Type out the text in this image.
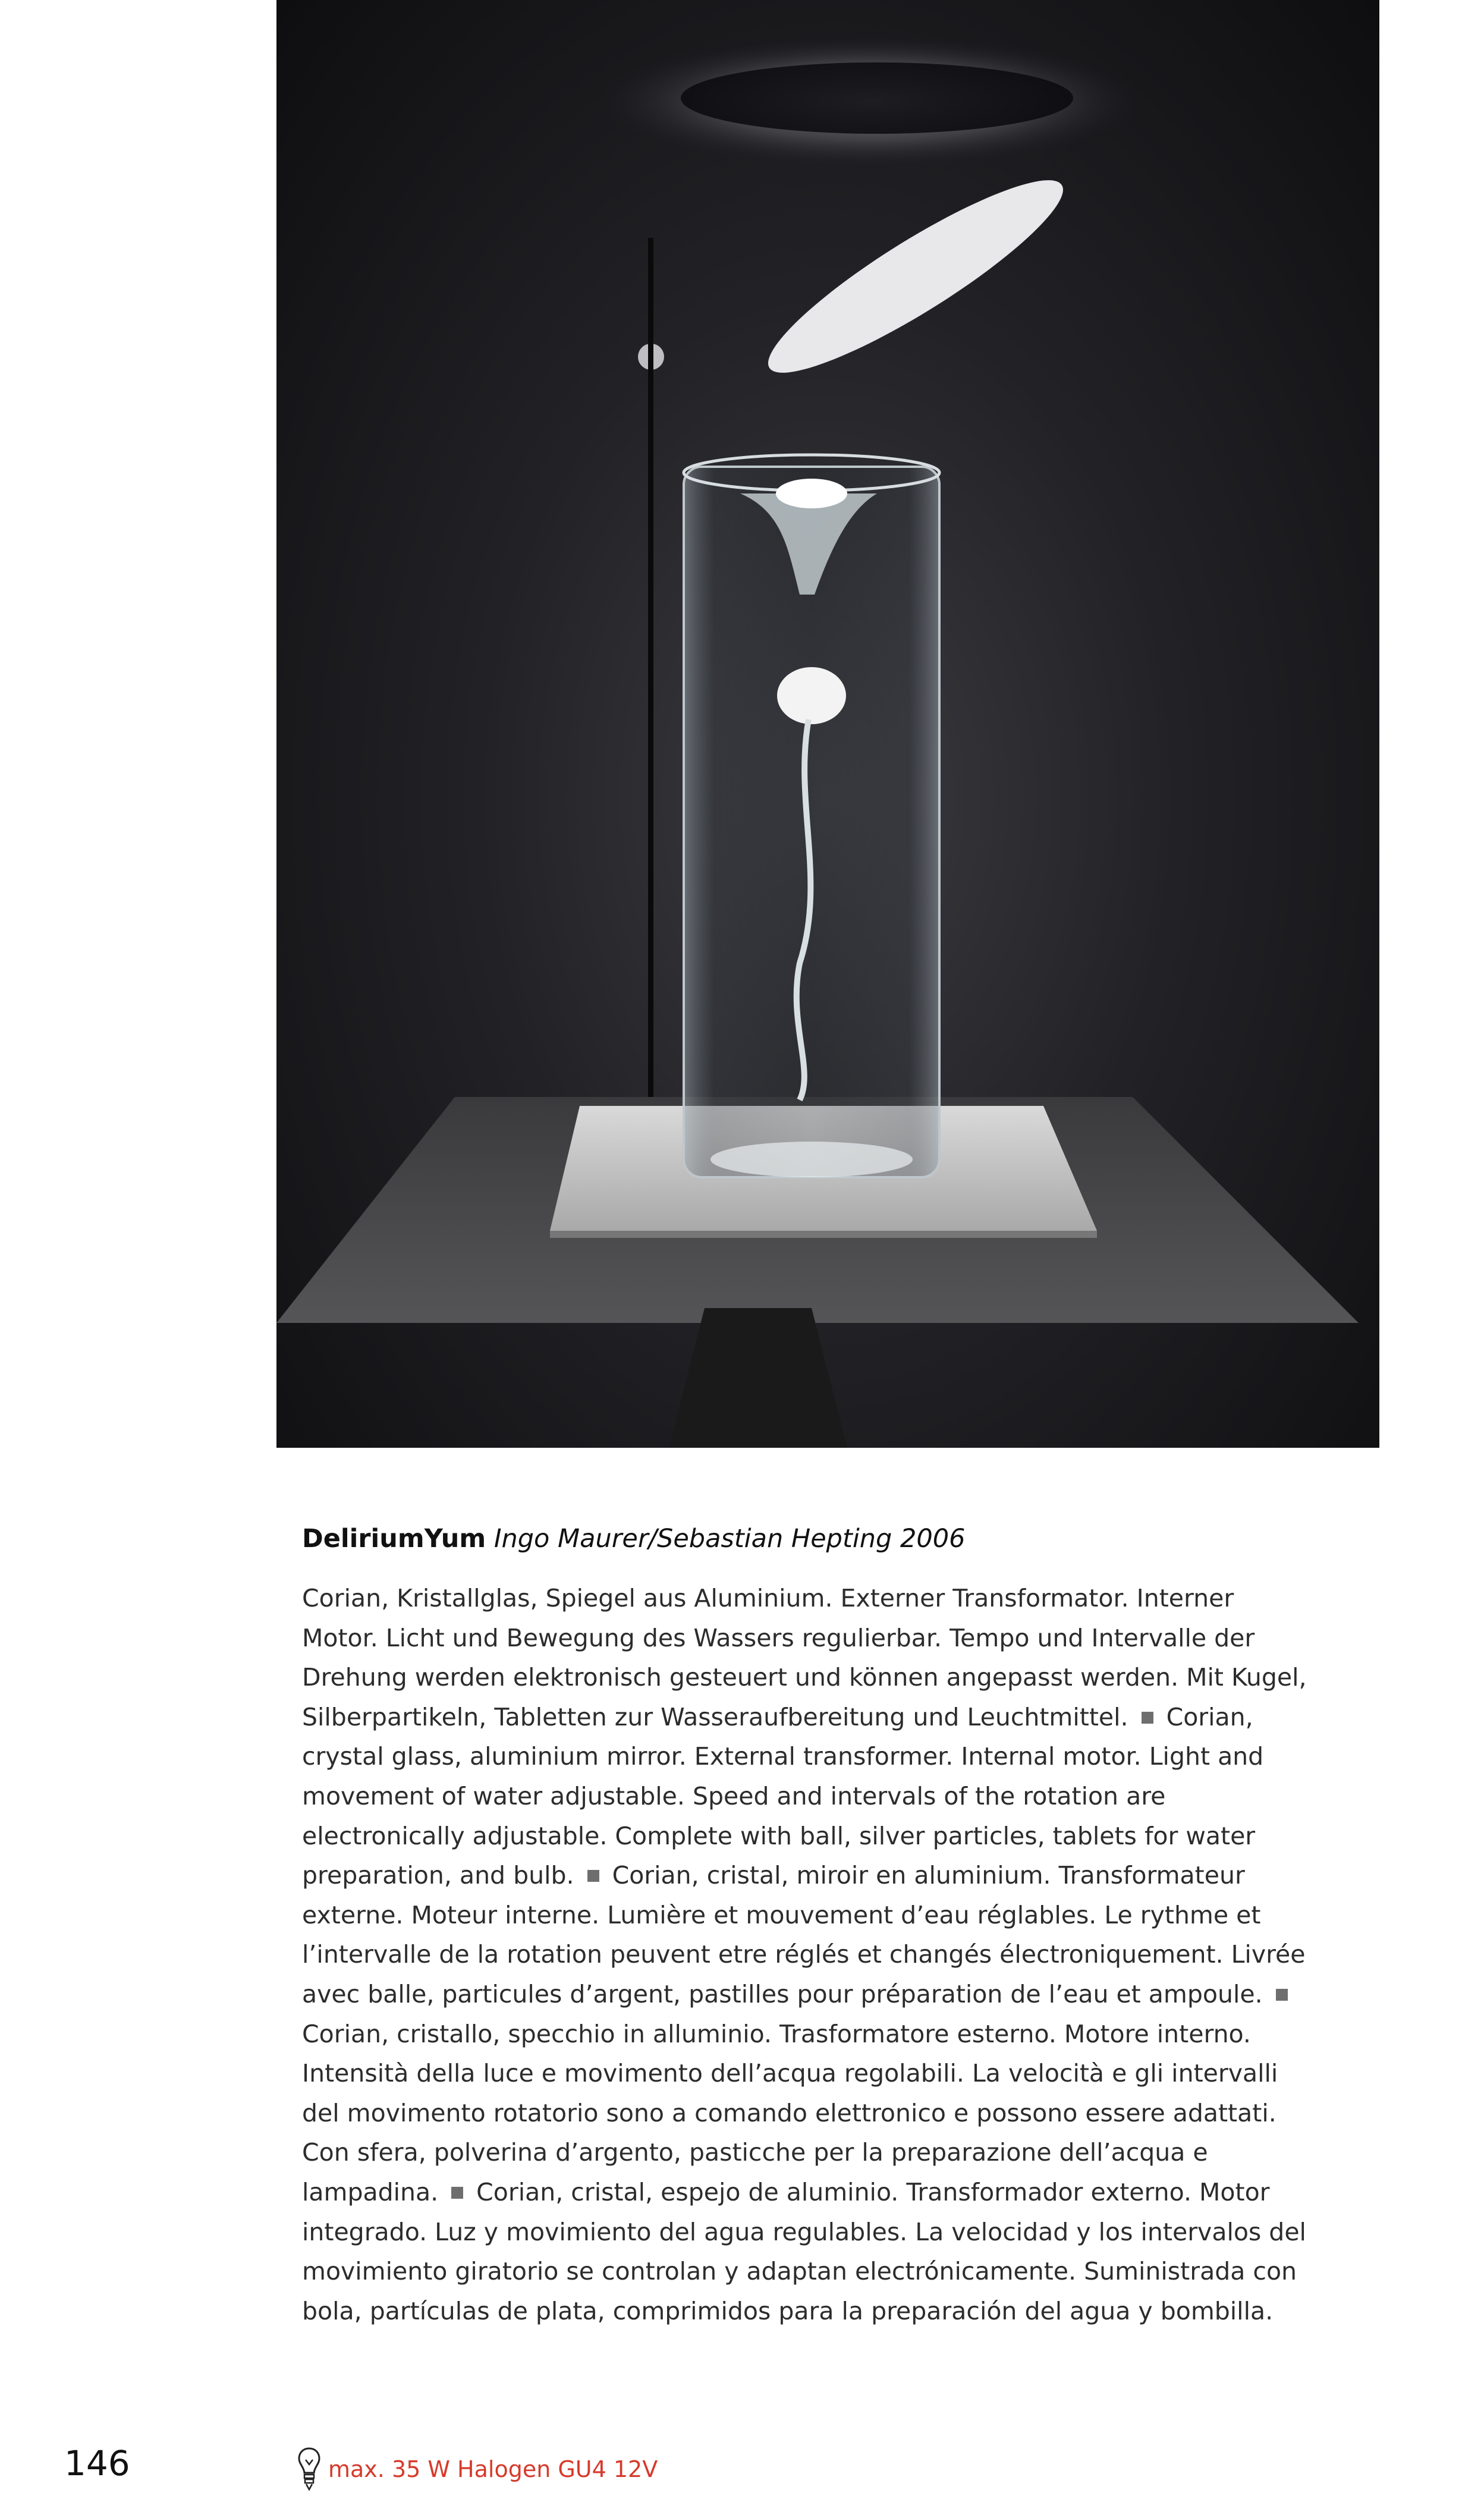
DeliriumYum Ingo Maurer/Sebastian Hepting 2006
Corian, Kristallglas, Spiegel aus Aluminium. Externer Transformator. Interner Motor. Licht und Bewegung des Wassers regulierbar. Tempo und Intervalle der Drehung werden elektronisch gesteuert und können angepasst werden. Mit Kugel, Silberpartikeln, Tabletten zur Wasseraufbereitung und Leuchtmittel. Corian, crystal glass, aluminium mirror. External transformer. Internal motor. Light and movement of water adjustable. Speed and intervals of the rotation are electronically adjustable. Complete with ball, silver particles, tablets for water preparation, and bulb. Corian, cristal, miroir en aluminium. Transformateur externe. Moteur interne. Lumière et mouvement d’eau réglables. Le rythme et l’intervalle de la rotation peuvent etre réglés et changés électroniquement. Livrée avec balle, particules d’argent, pastilles pour préparation de l’eau et ampoule.Corian, cristallo, specchio in alluminio. Trasformatore esterno. Motore interno. Intensità della luce e movimento dell’acqua regolabili. La velocità e gli intervalli del movimento rotatorio sono a comando elettronico e possono essere adattati. Con sfera, polverina d’argento, pasticche per la preparazione dell’acqua e lampadina. Corian, cristal, espejo de aluminio. Transformador externo. Motor integrado. Luz y movimiento del agua regulables. La velocidad y los intervalos del movimiento giratorio se controlan y adaptan electrónicamente. Suministrada con bola, partículas de plata, comprimidos para la preparación del agua y bombilla.
146	max. 35 W Halogen GU4 12V
